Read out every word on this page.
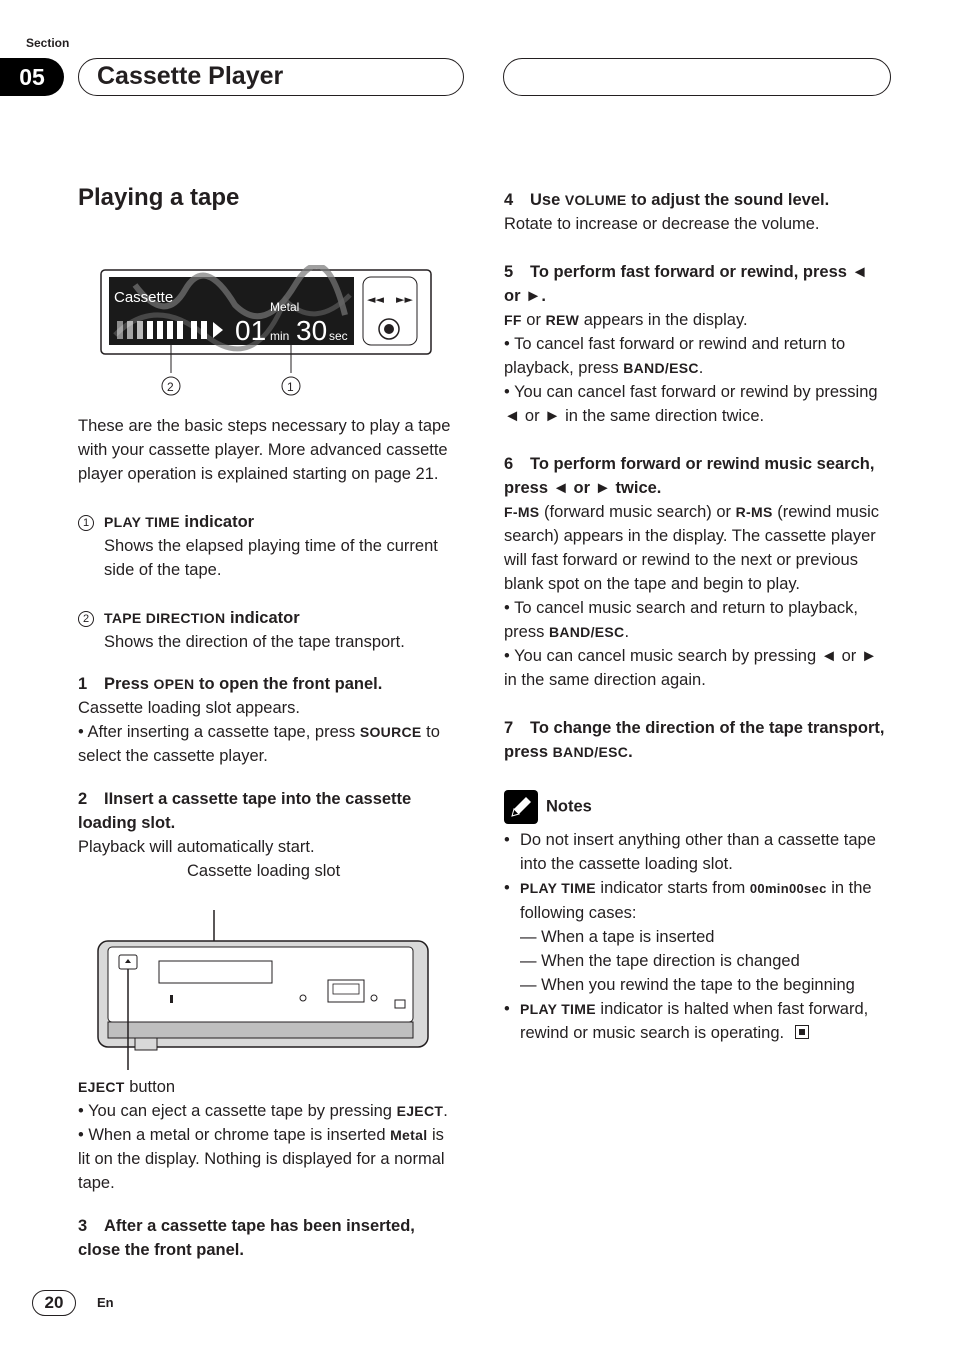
Section
05	Cassette Player
Playing a tape
Cassette
Metal
01 min 30 sec
◄◄ ►►
2	1

These are the basic steps necessary to play a tape with your cassette player. More advanced cassette player operation is explained starting on page 21.

1 PLAY TIME indicator

Shows the elapsed playing time of the current side of the tape.

2 TAPE DIRECTION indicator

Shows the direction of the tape transport.

1 Press OPEN to open the front panel.

Cassette loading slot appears.

• After inserting a cassette tape, press SOURCE to select the cassette player.

2 IInsert a cassette tape into the cassette loading slot.

Playback will automatically start.

Cassette loading slot

EJECT button

• You can eject a cassette tape by pressing EJECT.

• When a metal or chrome tape is inserted Metal is lit on the display. Nothing is displayed for a normal tape.

3 After a cassette tape has been inserted, close the front panel.

4 Use VOLUME to adjust the sound level.

Rotate to increase or decrease the volume.

5 To perform fast forward or rewind, press ◄ or ►.

FF or REW appears in the display.

• To cancel fast forward or rewind and return to playback, press BAND/ESC.

• You can cancel fast forward or rewind by pressing ◄ or ► in the same direction twice.

6 To perform forward or rewind music search, press ◄ or ► twice.

F-MS (forward music search) or R-MS (rewind music search) appears in the display. The cassette player will fast forward or rewind to the next or previous blank spot on the tape and begin to play.

• To cancel music search and return to playback, press BAND/ESC.

• You can cancel music search by pressing ◄ or ► in the same direction again.

7 To change the direction of the tape transport, press BAND/ESC.

Notes

• Do not insert anything other than a cassette tape into the cassette loading slot.
• PLAY TIME indicator starts from 00min00sec in the following cases:

— When a tape is inserted

— When the tape direction is changed

— When you rewind the tape to the beginning

• PLAY TIME indicator is halted when fast forward, rewind or music search is operating.
20	En
